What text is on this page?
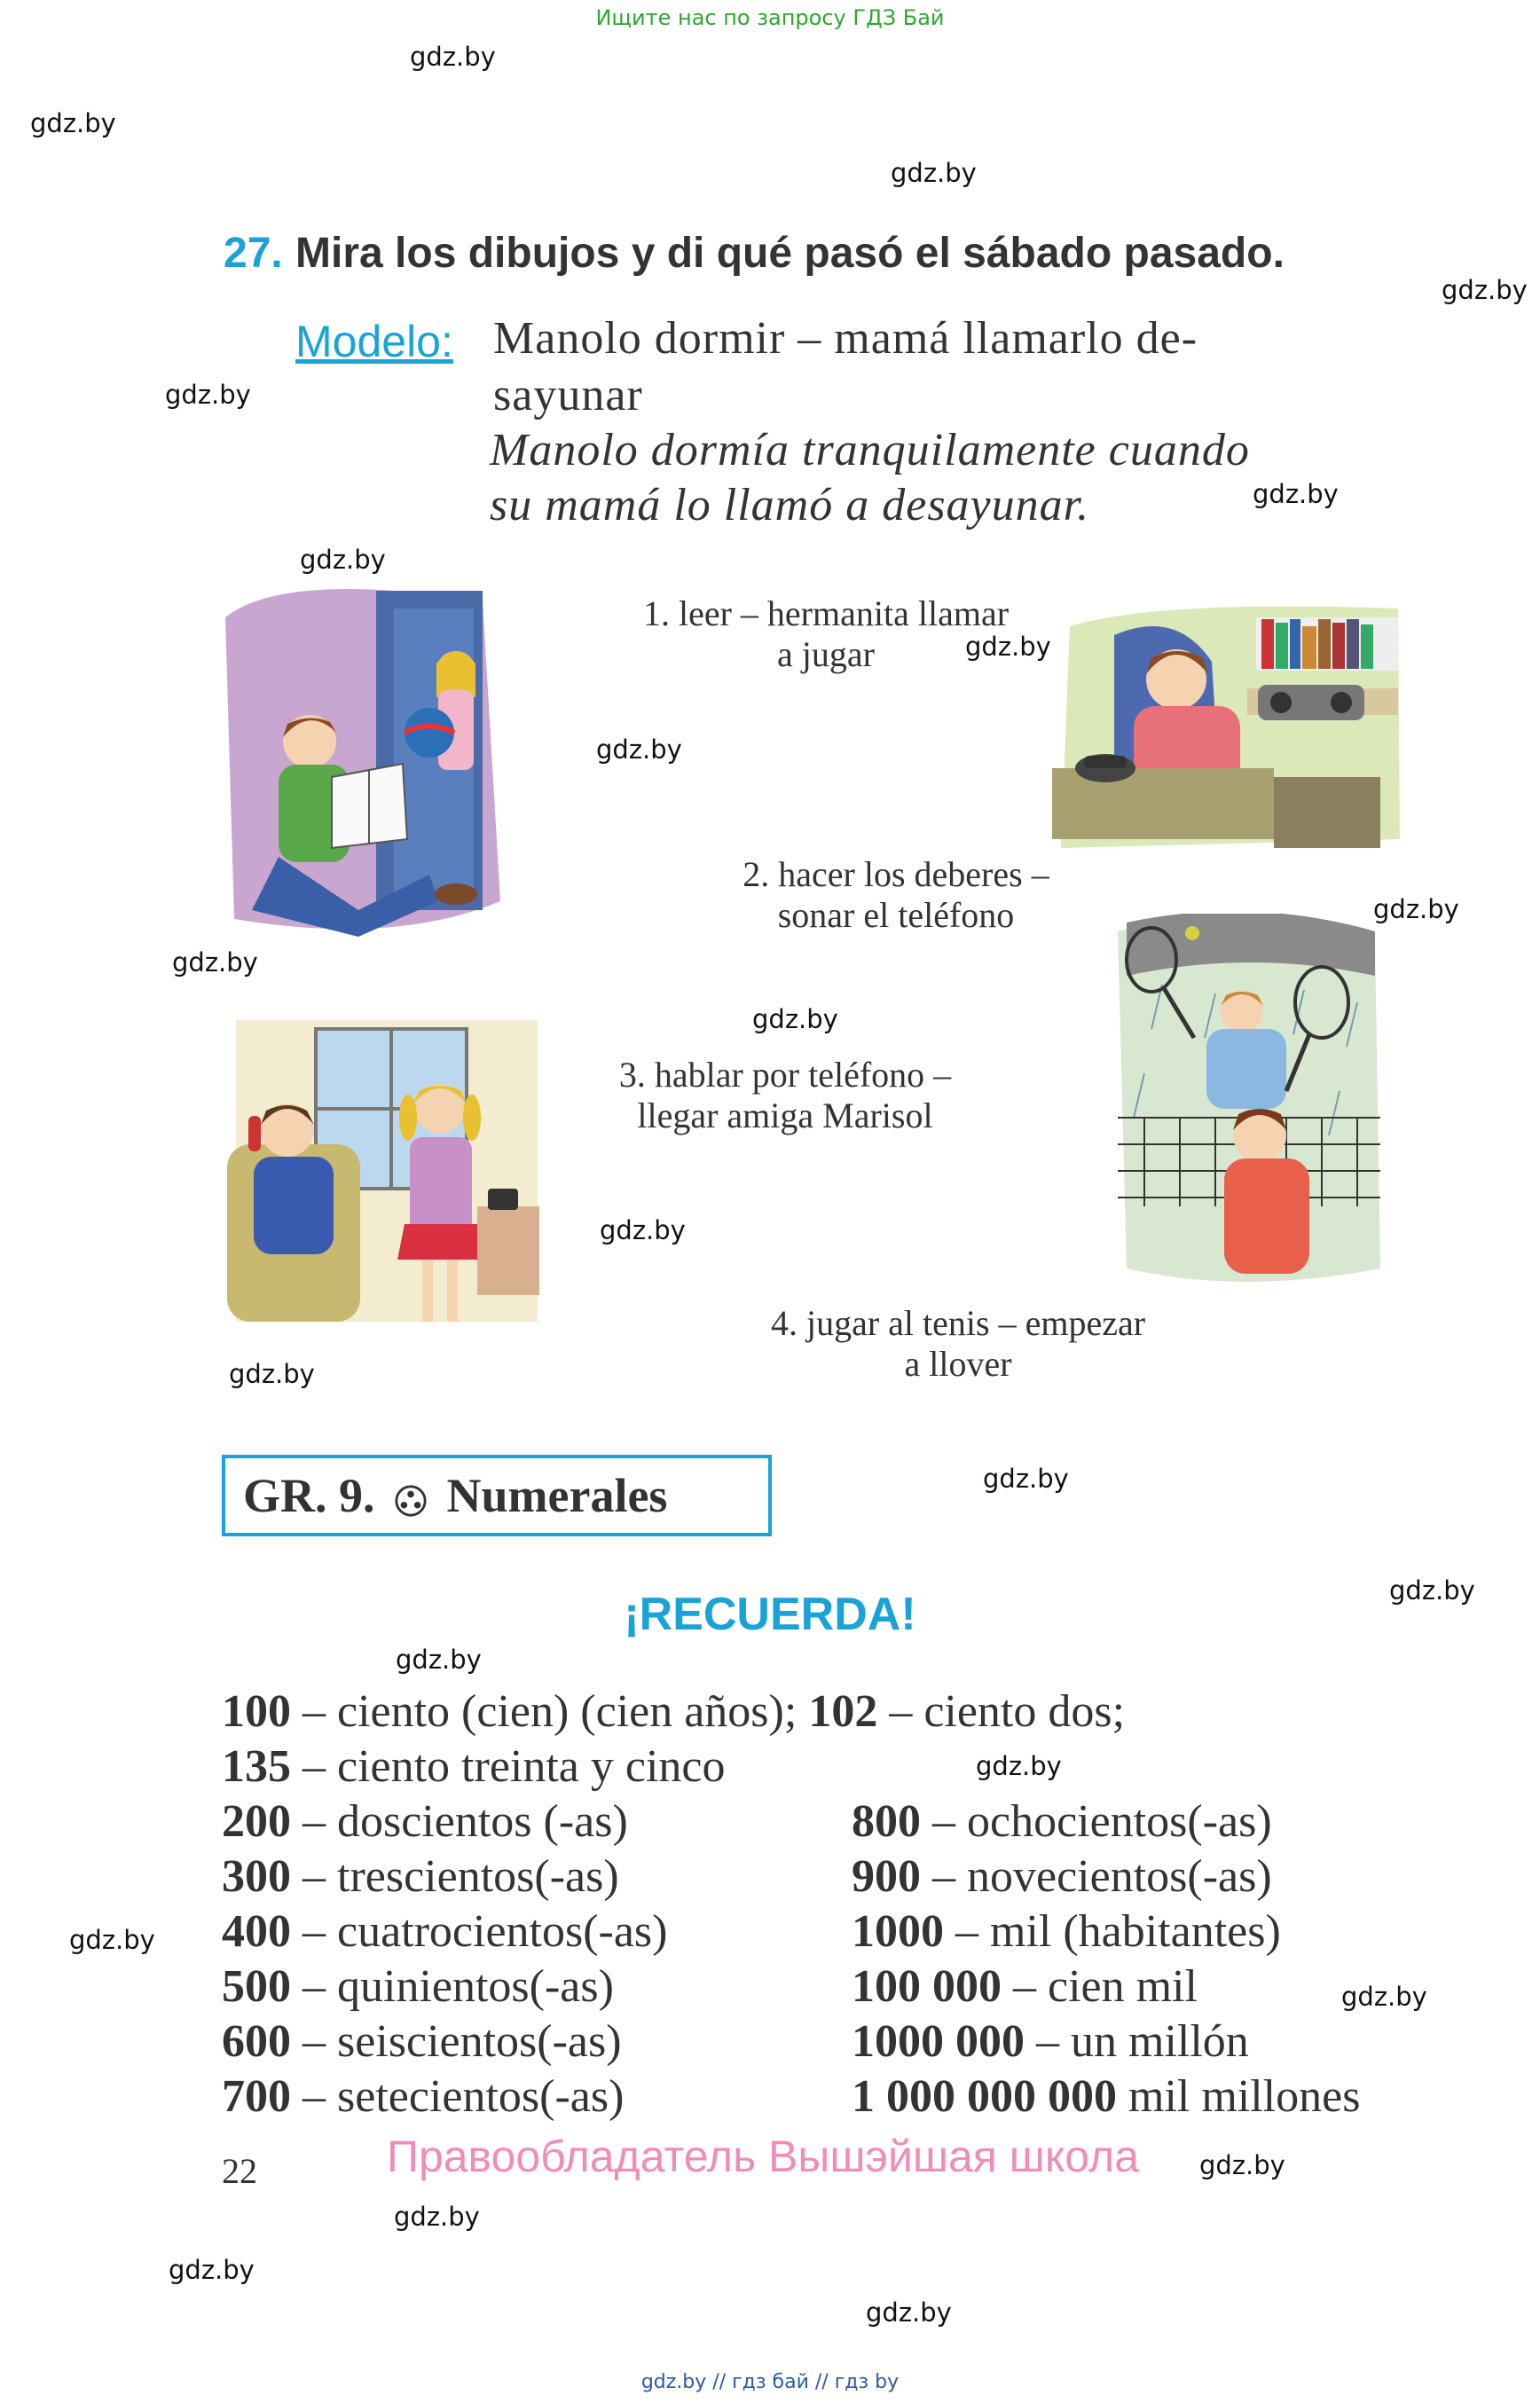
Ищите нас по запросу ГДЗ Бай
gdz.by
gdz.by
gdz.by
gdz.by
gdz.by
gdz.by
gdz.by
gdz.by
gdz.by
gdz.by
gdz.by
gdz.by
gdz.by
gdz.by
gdz.by
gdz.by
gdz.by
gdz.by
gdz.by
gdz.by
gdz.by
gdz.by
gdz.by
gdz.by
27. Mira los dibujos y di qué pasó el sábado pasado.
Modelo: Manolo dormir – mamá llamarlo de-
sayunar
Manolo dormía tranquilamente cuando
su mamá lo llamó a desayunar.
1. leer – hermanita llamar
a jugar
2. hacer los deberes –
sonar el teléfono
3. hablar por teléfono –
llegar amiga Marisol
4. jugar al tenis – empezar
a llover
GR. 9. Numerales
¡RECUERDA!
100 – ciento (cien) (cien años); 102 – ciento dos;
135 – ciento treinta y cinco
200 – doscientos (-as)
300 – trescientos(-as)
400 – cuatrocientos(-as)
500 – quinientos(-as)
600 – seiscientos(-as)
700 – setecientos(-as)
800 – ochocientos(-as)
900 – novecientos(-as)
1000 – mil (habitantes)
100 000 – cien mil
1000 000 – un millón
1 000 000 000 mil millones
22	Правообладатель Вышэйшая школа
gdz.by // гдз бай // гдз by
